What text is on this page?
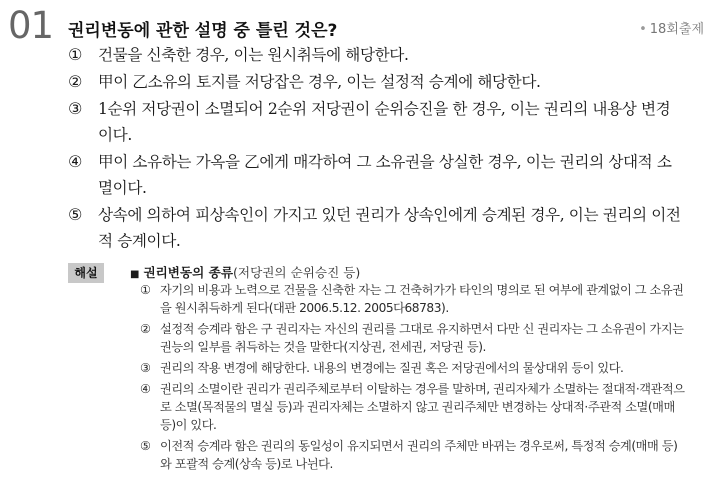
01 권리변동에 관한 설명 중 틀린 것은?	• 18회출제
① 건물을 신축한 경우, 이는 원시취득에 해당한다.
② 甲이 乙소유의 토지를 저당잡은 경우, 이는 설정적 승계에 해당한다.
③ 1순위 저당권이 소멸되어 2순위 저당권이 순위승진을 한 경우, 이는 권리의 내용상 변경이다.
④ 甲이 소유하는 가옥을 乙에게 매각하여 그 소유권을 상실한 경우, 이는 권리의 상대적 소멸이다.
⑤ 상속에 의하여 피상속인이 가지고 있던 권리가 상속인에게 승계된 경우, 이는 권리의 이전적 승계이다.
해설	■ 권리변동의 종류(저당권의 순위승진 등)
① 자기의 비용과 노력으로 건물을 신축한 자는 그 건축허가가 타인의 명의로 된 여부에 관계없이 그 소유권을 원시취득하게 된다(대판 2006.5.12. 2005다68783).
② 설정적 승계라 함은 구 권리자는 자신의 권리를 그대로 유지하면서 다만 신 권리자는 그 소유권이 가지는 권능의 일부를 취득하는 것을 말한다(지상권, 전세권, 저당권 등).
③ 권리의 작용 변경에 해당한다. 내용의 변경에는 질권 혹은 저당권에서의 물상대위 등이 있다.
④ 권리의 소멸이란 권리가 권리주체로부터 이탈하는 경우를 말하며, 권리자체가 소멸하는 절대적·객관적으로 소멸(목적물의 멸실 등)과 권리자체는 소멸하지 않고 권리주체만 변경하는 상대적·주관적 소멸(매매 등)이 있다.
⑤ 이전적 승계라 함은 권리의 동일성이 유지되면서 권리의 주체만 바뀌는 경우로써, 특정적 승계(매매 등)와 포괄적 승계(상속 등)로 나뉜다.
